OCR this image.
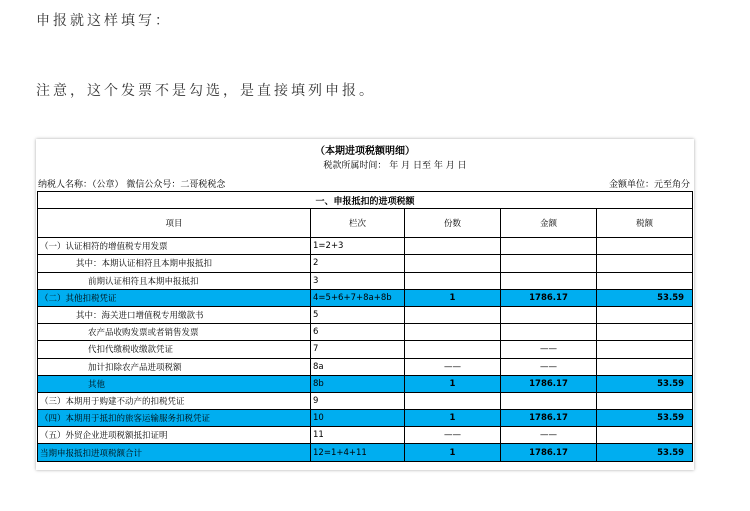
申报就这样填写：
注意，这个发票不是勾选，是直接填列申报。
（本期进项税额明细）
税款所属时间： 年 月 日至 年 月 日
纳税人名称：（公章） 微信公众号：二哥税税念	金额单位：元至角分
一、申报抵扣的进项税额				
项目	栏次	份数	金额	税额
（一）认证相符的增值税专用发票	1=2+3			
其中：本期认证相符且本期申报抵扣	2			
前期认证相符且本期申报抵扣	3			
（二）其他扣税凭证	4=5+6+7+8a+8b	1	1786.17	53.59
其中：海关进口增值税专用缴款书	5			
农产品收购发票或者销售发票	6			
代扣代缴税收缴款凭证	7		——	
加计扣除农产品进项税额	8a	——	——	
其他	8b	1	1786.17	53.59
（三）本期用于购建不动产的扣税凭证	9			
（四）本期用于抵扣的旅客运输服务扣税凭证	10	1	1786.17	53.59
（五）外贸企业进项税额抵扣证明	11	——	——	
当期申报抵扣进项税额合计	12=1+4+11	1	1786.17	53.59
